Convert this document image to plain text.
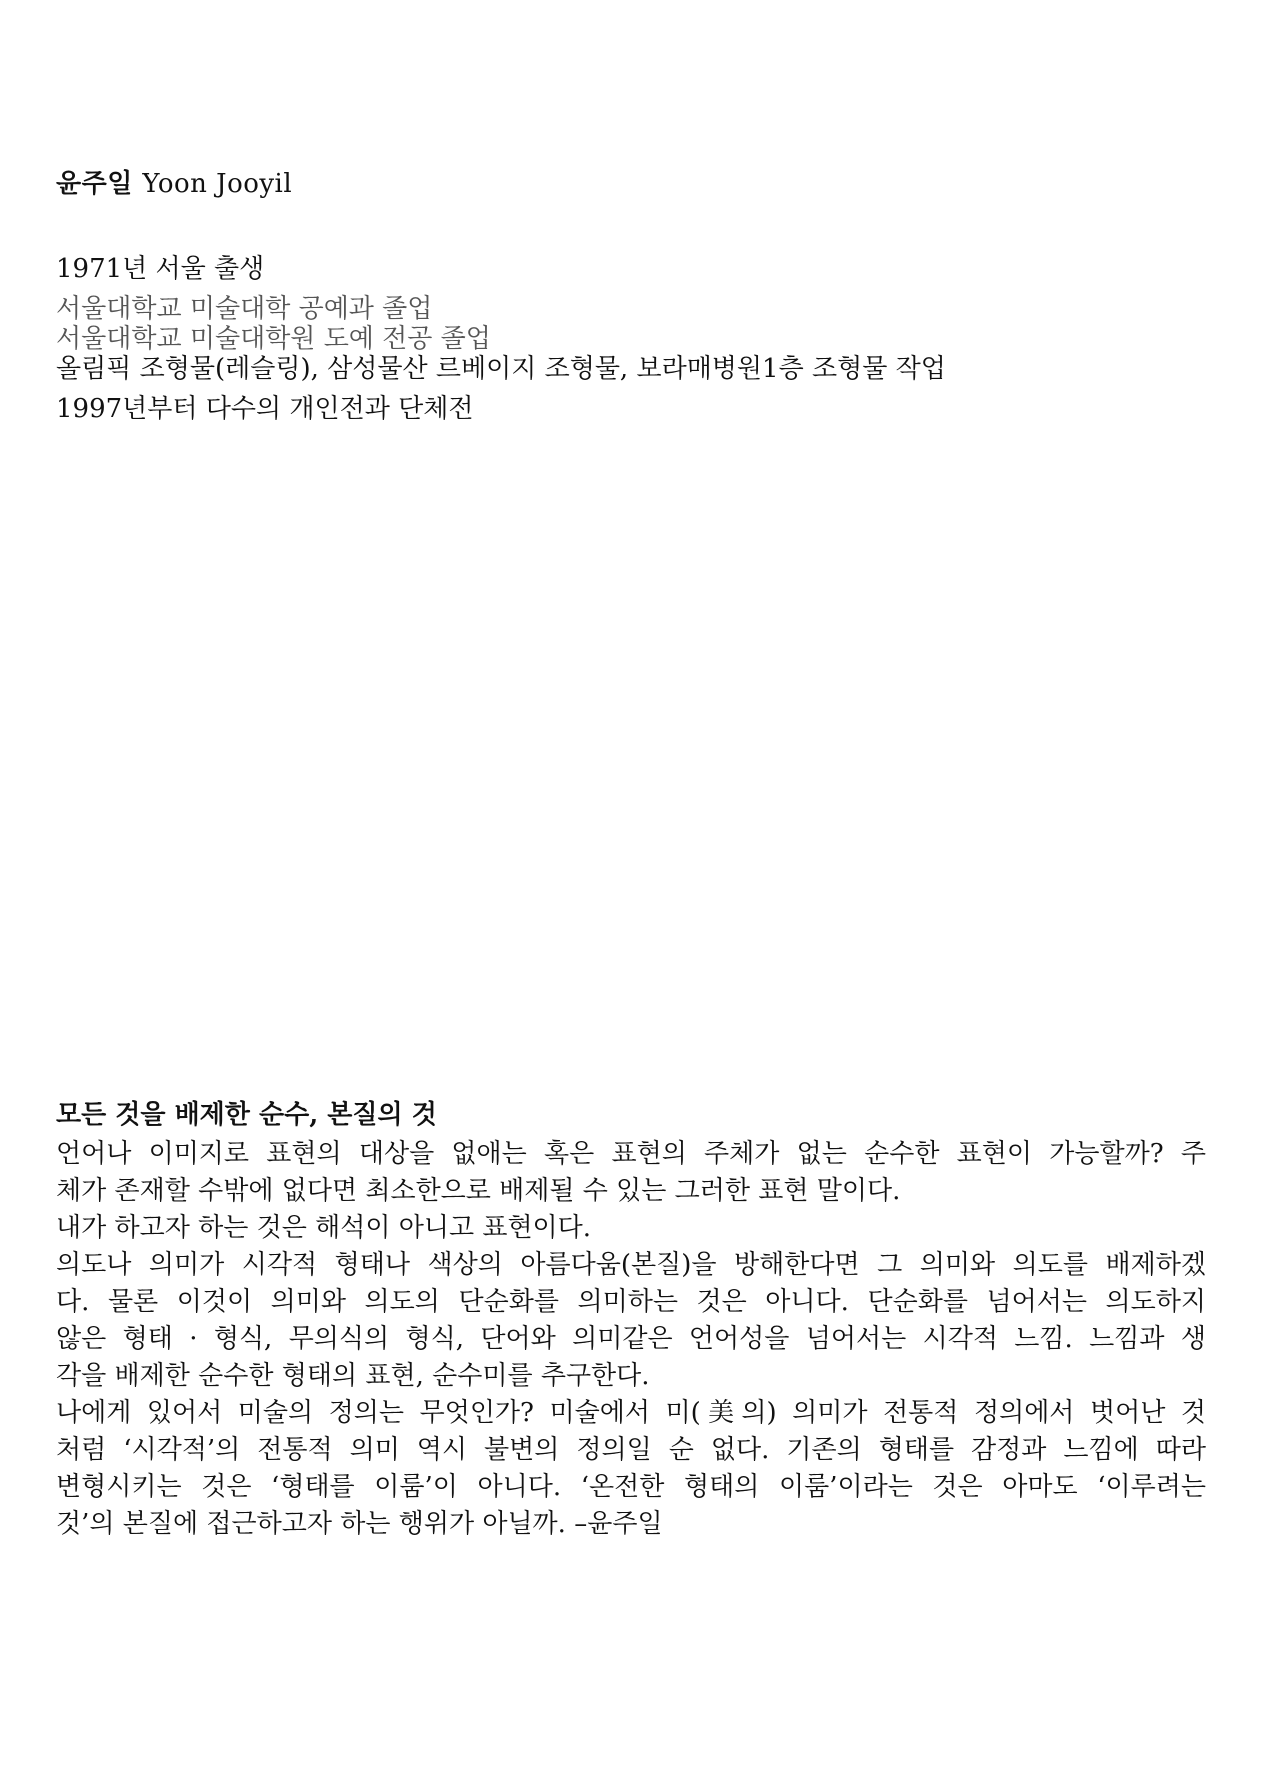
윤주일 Yoon Jooyil
1971년 서울 출생
서울대학교 미술대학 공예과 졸업
서울대학교 미술대학원 도예 전공 졸업
올림픽 조형물(레슬링), 삼성물산 르베이지 조형물, 보라매병원1층 조형물 작업
1997년부터 다수의 개인전과 단체전
모든 것을 배제한 순수, 본질의 것
언어나 이미지로 표현의 대상을 없애는 혹은 표현의 주체가 없는 순수한 표현이 가능할까? 주
체가 존재할 수밖에 없다면 최소한으로 배제될 수 있는 그러한 표현 말이다.
내가 하고자 하는 것은 해석이 아니고 표현이다.
의도나 의미가 시각적 형태나 색상의 아름다움(본질)을 방해한다면 그 의미와 의도를 배제하겠
다. 물론 이것이 의미와 의도의 단순화를 의미하는 것은 아니다. 단순화를 넘어서는 의도하지
않은 형태 · 형식, 무의식의 형식, 단어와 의미같은 언어성을 넘어서는 시각적 느낌. 느낌과 생
각을 배제한 순수한 형태의 표현, 순수미를 추구한다.
나에게 있어서 미술의 정의는 무엇인가? 미술에서 미(美의) 의미가 전통적 정의에서 벗어난 것
처럼 ‘시각적’의 전통적 의미 역시 불변의 정의일 순 없다. 기존의 형태를 감정과 느낌에 따라
변형시키는 것은 ‘형태를 이룸’이 아니다. ‘온전한 형태의 이룸’이라는 것은 아마도 ‘이루려는
것’의 본질에 접근하고자 하는 행위가 아닐까. –윤주일
